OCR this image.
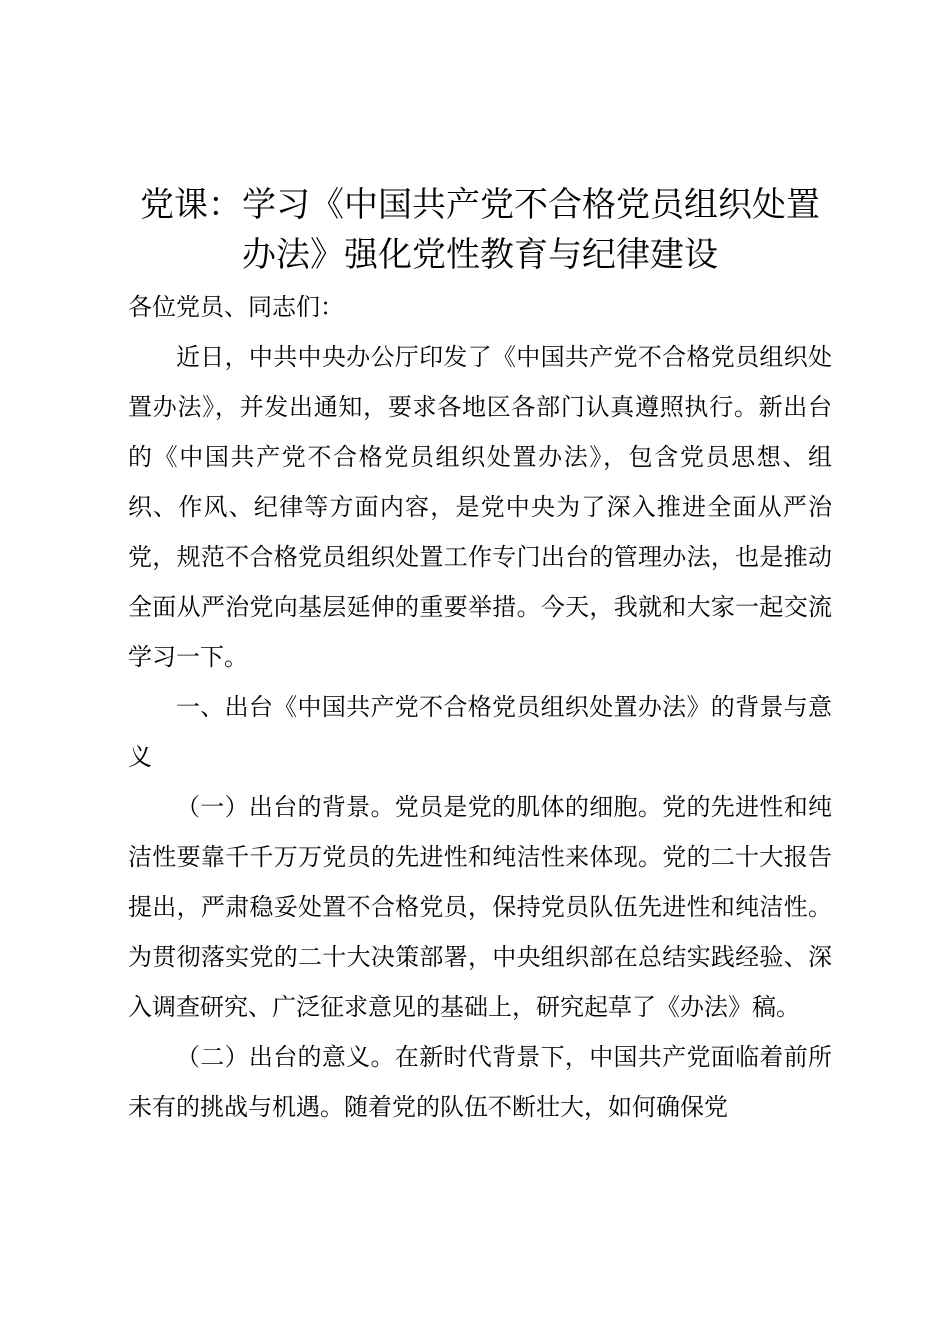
党课：学习《中国共产党不合格党员组织处置
办法》强化党性教育与纪律建设

各位党员、同志们：

近日，中共中央办公厅印发了《中国共产党不合格党员组织处置办法》，并发出通知，要求各地区各部门认真遵照执行。新出台的《中国共产党不合格党员组织处置办法》，包含党员思想、组织、作风、纪律等方面内容，是党中央为了深入推进全面从严治党，规范不合格党员组织处置工作专门出台的管理办法，也是推动全面从严治党向基层延伸的重要举措。今天，我就和大家一起交流学习一下。

一、出台《中国共产党不合格党员组织处置办法》的背景与意义

（一）出台的背景。党员是党的肌体的细胞。党的先进性和纯洁性要靠千千万万党员的先进性和纯洁性来体现。党的二十大报告提出，严肃稳妥处置不合格党员，保持党员队伍先进性和纯洁性。为贯彻落实党的二十大决策部署，中央组织部在总结实践经验、深入调查研究、广泛征求意见的基础上，研究起草了《办法》稿。

（二）出台的意义。在新时代背景下，中国共产党面临着前所未有的挑战与机遇。随着党的队伍不断壮大，如何确保党
